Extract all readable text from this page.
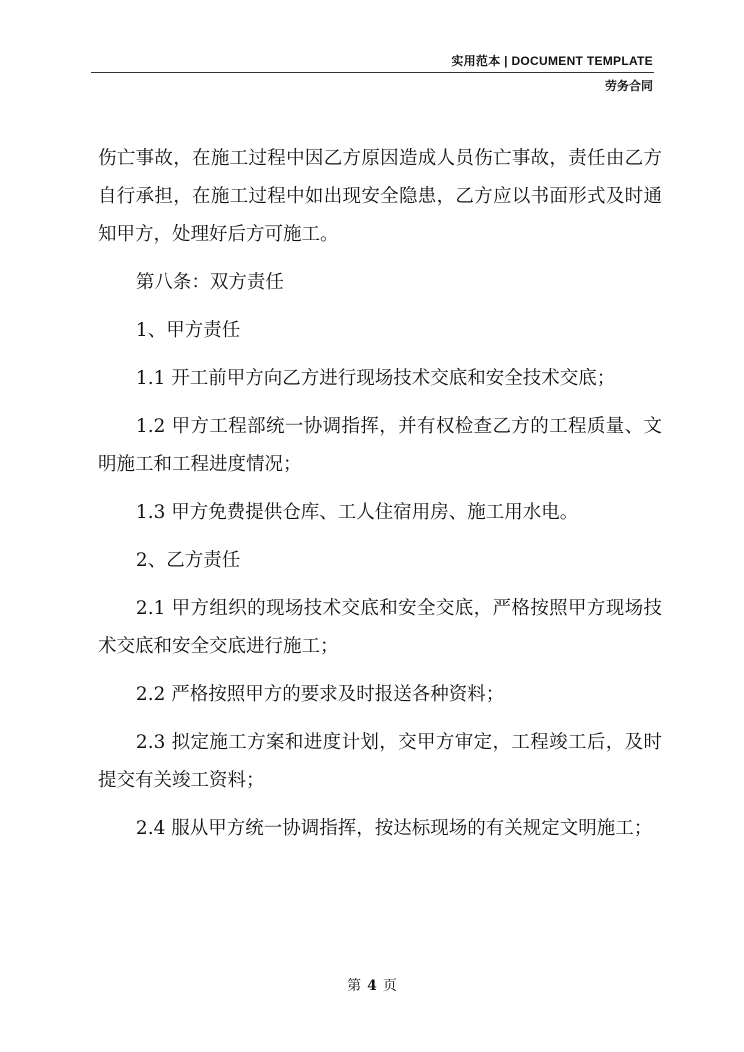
实用范本 | DOCUMENT TEMPLATE
劳务合同

伤亡事故，在施工过程中因乙方原因造成人员伤亡事故，责任由乙方自行承担，在施工过程中如出现安全隐患，乙方应以书面形式及时通知甲方，处理好后方可施工。

第八条：双方责任

1、甲方责任

1.1 开工前甲方向乙方进行现场技术交底和安全技术交底；

1.2 甲方工程部统一协调指挥，并有权检查乙方的工程质量、文明施工和工程进度情况；

1.3 甲方免费提供仓库、工人住宿用房、施工用水电。

2、乙方责任

2.1 甲方组织的现场技术交底和安全交底，严格按照甲方现场技术交底和安全交底进行施工；

2.2 严格按照甲方的要求及时报送各种资料；

2.3 拟定施工方案和进度计划，交甲方审定，工程竣工后，及时提交有关竣工资料；

2.4 服从甲方统一协调指挥，按达标现场的有关规定文明施工；

第 4 页
